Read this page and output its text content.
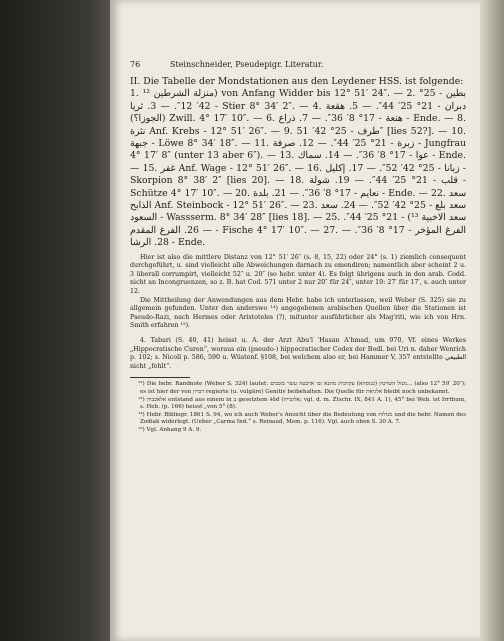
76	Steinschneider, Pseudepigr. Literatur.

II. Die Tabelle der Mondstationen aus den Leydener HSS. ist folgende:

1. منزلة الشرطين ¹²) von Anfang Widder bis 12° 51′ 24″. — 2. بطين - 25° 42′ 12″. — 3. ثريا - Stier 8° 34′ 2″. — 4. دبران - 21° 25′ 44″. — 5. هقعة (الجوزا؟) Zwill. 4° 17′ 10″. — 6. هنعة - 17° 8′ 36″. — 7. ذراع - Ende. — 8. نثرة Anf. Krebs - 12° 51′ 26″. — 9. طرف - 25° 42′ 51″ [lies 52?]. — 10. جبهة - Löwe 8° 34′ 18″. — 11. زبرة - 21° 25′ 44″. — 12. صرفة - Jungfrau 4° 17′ 8″ (unter 13 aber 6″). — 13. عوا - 17° 8′ 36″. — 14. سماك - Ende. — 15. غفر Anf. Wage - 12° 51′ 26″. — 16. زبانا - 25° 42′ 52″. — 17. إكليل - Skorpion 8° 38′ 2″ [lies 20]. — 18. قلب - 21° 25′ 44″. — 19. شولة - Schütze 4° 17′ 10″. — 20. نعايم - 17° 8′ 36″. — 21. بلدة - Ende. — 22. سعد الذابح Anf. Steinbock - 12° 51′ 26″. — 23. سعد بلع - 25° 42′ 52″. — 24. سعد السعود - Wassserm. 8° 34′ 28″ [lies 18]. — 25. سعد الاخبية ¹³) - 21° 25′ 44″. — 26. الفرغ المقدم - Fische 4° 17′ 10″. — 27. الفرغ المؤخر - 17° 8′ 36″. — 28. الرشا - Ende.

Hier ist also die mittlere Distanz von 12° 51′ 26″ (s. 8, 15, 22) oder 24° (s. 1) ziemlich consequent durchgeführt, u. sind vielleicht alle Abweichungen darnach zu emendiren; namentlich aber scheint 2 u. 3 überall corrumpirt, vielleicht 52″ u. 20″ (so hebr. unter 4). Es folgt übrigens auch in den arab. Codd. nicht an Incongruenzen, so z. B. hat Cod. 571 unter 2 nur 20″ für 24″, unter 19: 27′ für 17′, s. auch unter 12.

Die Mittheilung der Anwendungen aus dem Hebr. habe ich unterlassen, weil Weber (S. 325) sie zu allgemein gefunden. Unter den anderswo ¹⁴) angegebenen arabischen Quellen über die Stationen ist Pseudo-Razi, nach Hermes oder Aristoteles (?), mitunter ausführlicher als Mag'riti, wie ich von Hrn. Smith erfahren ¹⁵).

4. Tabari (S. 40, 41) heisst u. A. der Arzt Abu'l 'Hasan A'hmad, um 970, Vf. eines Werkes „Hippocratische Curen“, woraus ein (pseudo-) hippocratischer Codex der Bodl. bei Uri n. daher Wenrich p. 102; s. Nicoll p. 586, 590 u. Wüstenf. §108, bei welchem also er, bei Hammer V, 357 entstellte الطبيعي nicht „fehlt“.

¹²) Die hebr. Randnote (Weber S. 324) lautet: מנזל השרטין (בנוסחא) עקרבית מתנא ובו ארבעה עשר כוכבים... (also 12° 59′ 20″); es ist hier der von דברון regierte (u. vulgäre) Genitiv beibehalten. Die Quelle für אלגיאת bleibt noch unbekannt.

¹³) אלאכביה entstand aus einem in ב gesetztem ∂ôd (אלזבייה; vgl. d. m. Ztschr. IX, 841 A. 1), 45° bei Web. ist Irrthum, s. Heb. (p. 166) heisst „von 5° (8).

¹⁴) Hebr. Bibliogr. 1861 S. 94, wo ich auch Weber's Ansicht über die Bedeutung von מנזלות und die hebr. Namen des Zodiak widerlegt. (Ueber „Carma Ind.“ s. Reinaud, Mem. p. 116). Vgl. auch oben S. 30 A. 7.

¹⁵) Vgl. Anhang 9 A. 9.
